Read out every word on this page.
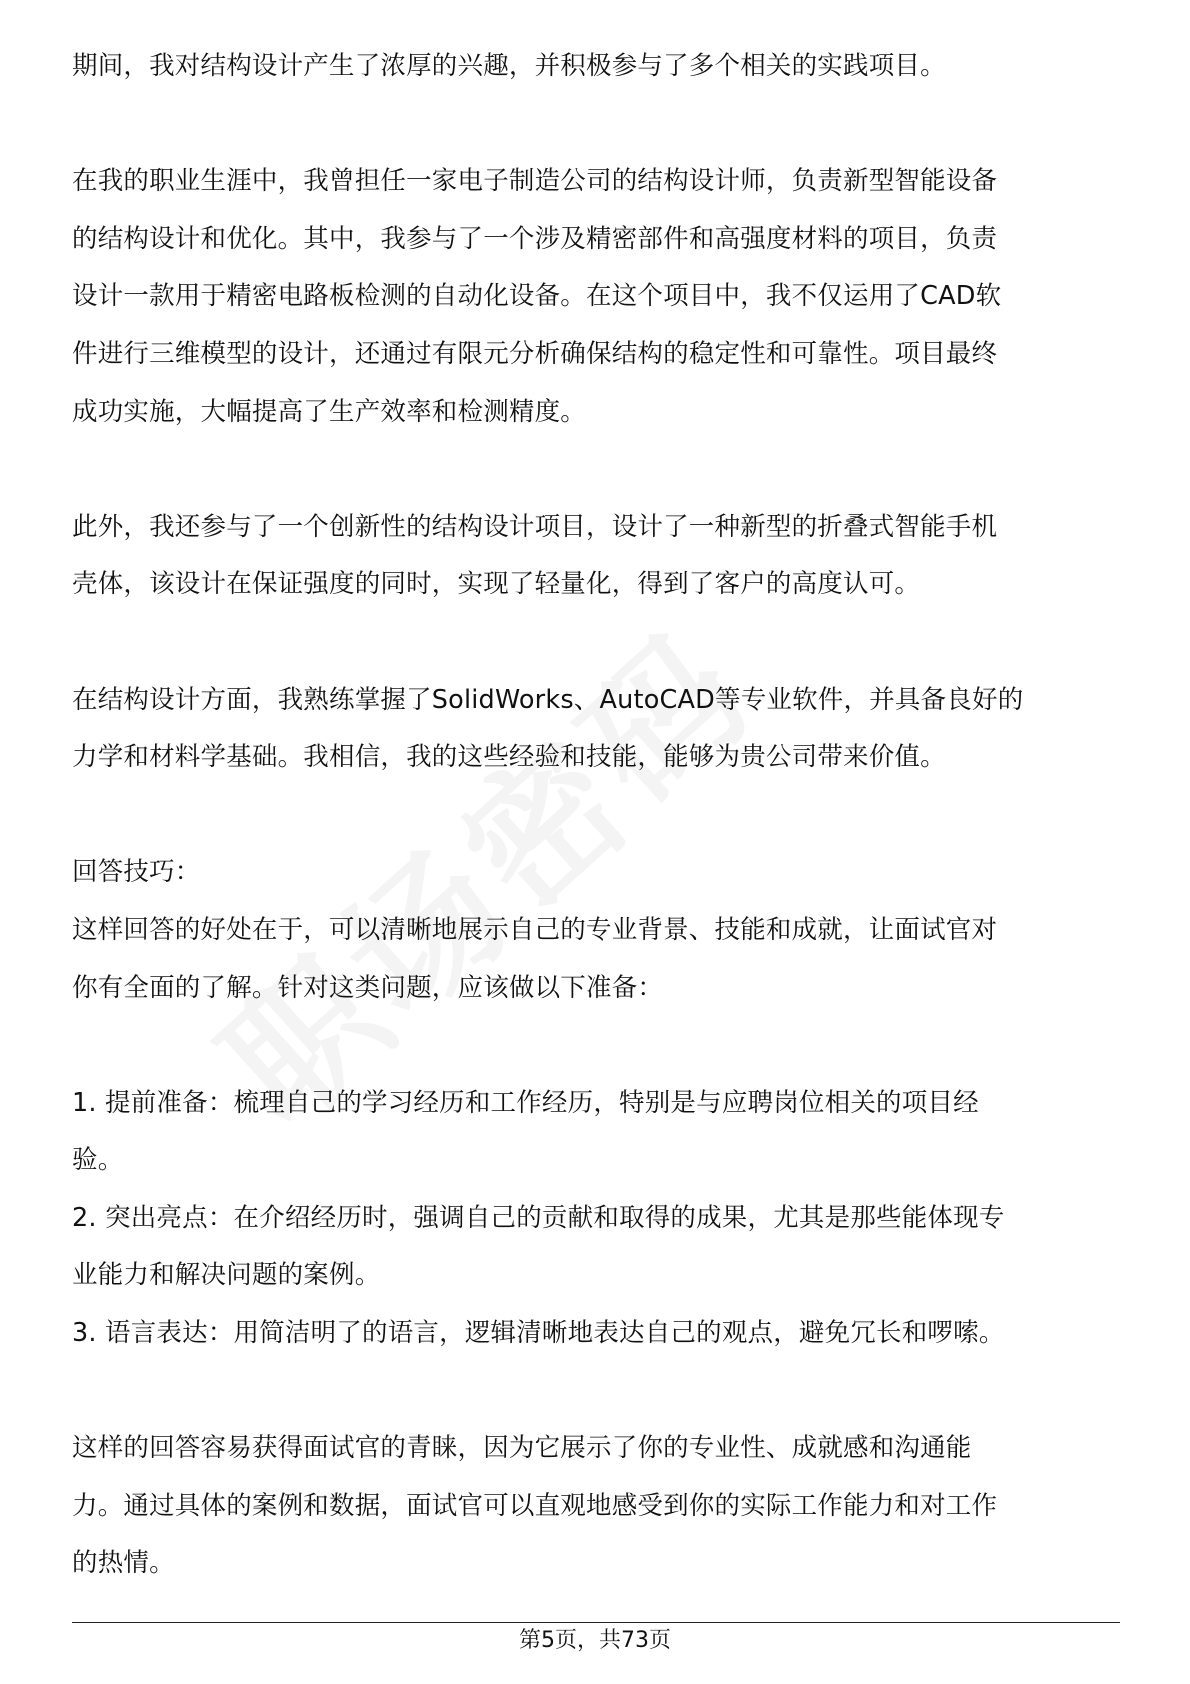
期间，我对结构设计产生了浓厚的兴趣，并积极参与了多个相关的实践项目。
在我的职业生涯中，我曾担任一家电子制造公司的结构设计师，负责新型智能设备
的结构设计和优化。其中，我参与了一个涉及精密部件和高强度材料的项目，负责
设计一款用于精密电路板检测的自动化设备。在这个项目中，我不仅运用了CAD软
件进行三维模型的设计，还通过有限元分析确保结构的稳定性和可靠性。项目最终
成功实施，大幅提高了生产效率和检测精度。
此外，我还参与了一个创新性的结构设计项目，设计了一种新型的折叠式智能手机
壳体，该设计在保证强度的同时，实现了轻量化，得到了客户的高度认可。
在结构设计方面，我熟练掌握了SolidWorks、AutoCAD等专业软件，并具备良好的
力学和材料学基础。我相信，我的这些经验和技能，能够为贵公司带来价值。
回答技巧：
这样回答的好处在于，可以清晰地展示自己的专业背景、技能和成就，让面试官对
你有全面的了解。针对这类问题，应该做以下准备：
1. 提前准备：梳理自己的学习经历和工作经历，特别是与应聘岗位相关的项目经
验。
2. 突出亮点：在介绍经历时，强调自己的贡献和取得的成果，尤其是那些能体现专
业能力和解决问题的案例。
3. 语言表达：用简洁明了的语言，逻辑清晰地表达自己的观点，避免冗长和啰嗦。
这样的回答容易获得面试官的青睐，因为它展示了你的专业性、成就感和沟通能
力。通过具体的案例和数据，面试官可以直观地感受到你的实际工作能力和对工作
的热情。
第5页，共73页
